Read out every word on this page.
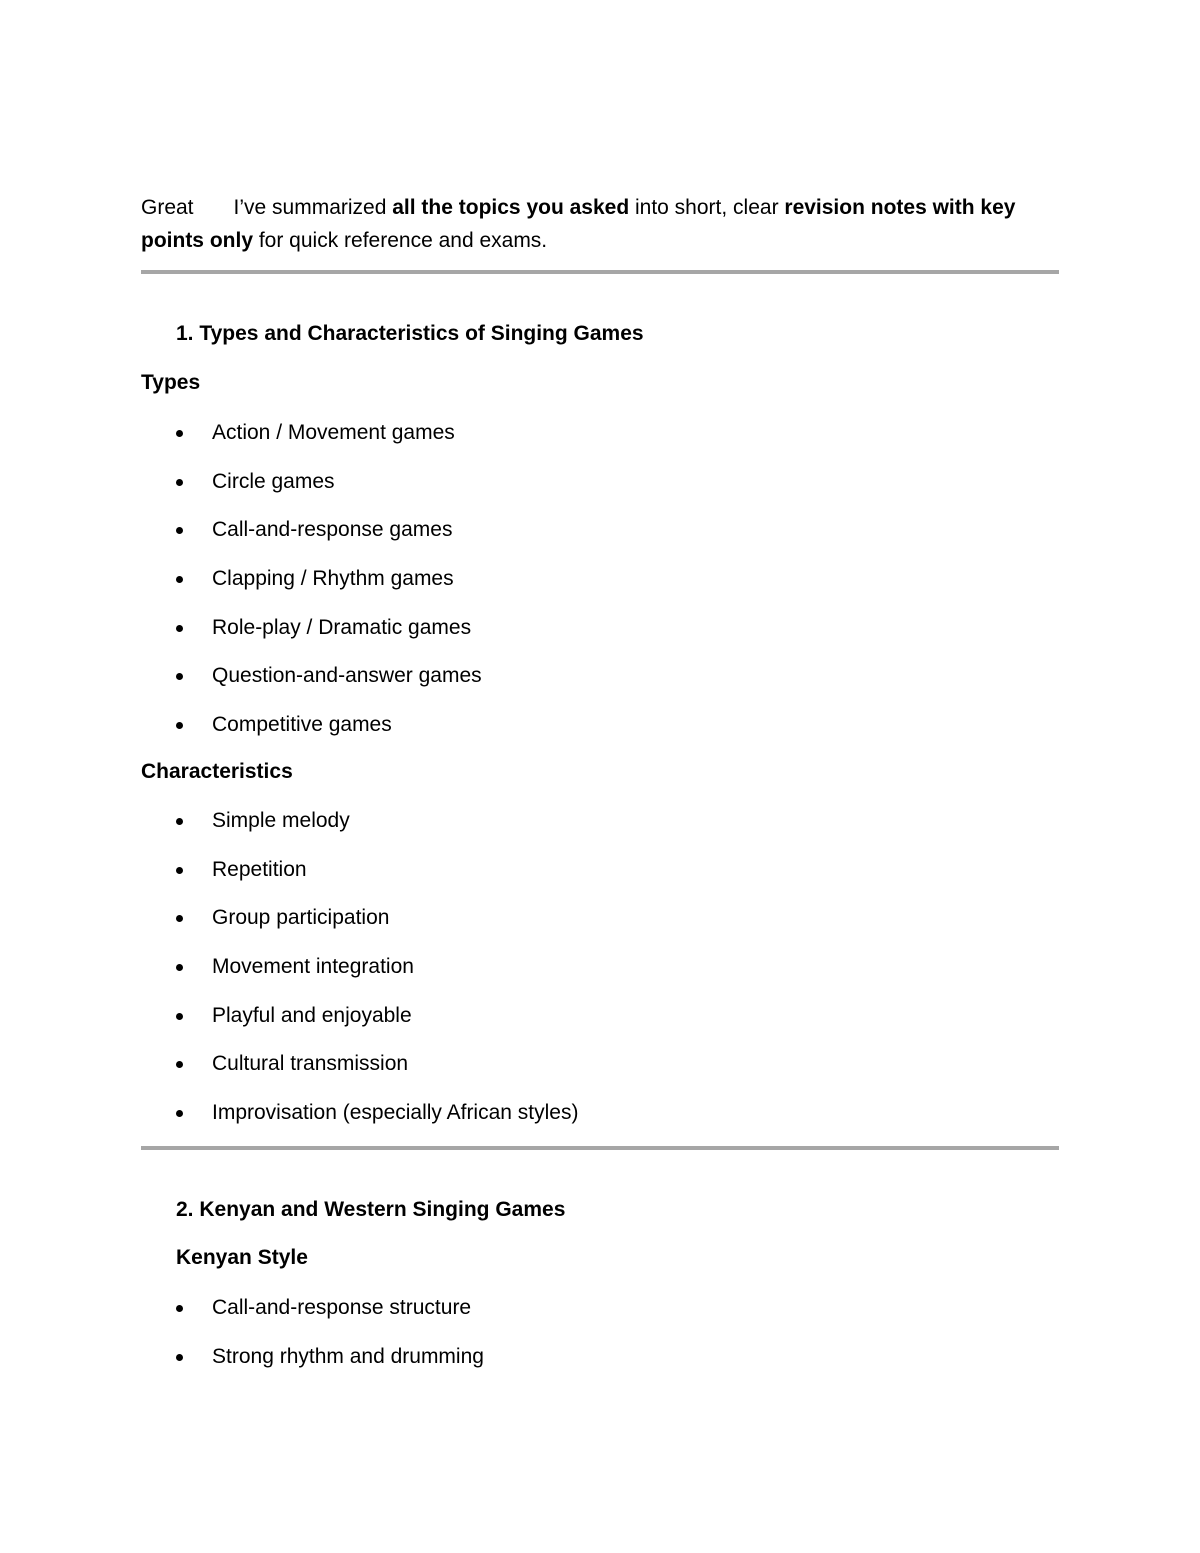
Great I’ve summarized all the topics you asked into short, clear revision notes with key points only for quick reference and exams.

1. Types and Characteristics of Singing Games
Types
Action / Movement games
Circle games
Call-and-response games
Clapping / Rhythm games
Role-play / Dramatic games
Question-and-answer games
Competitive games
Characteristics
Simple melody
Repetition
Group participation
Movement integration
Playful and enjoyable
Cultural transmission
Improvisation (especially African styles)
2. Kenyan and Western Singing Games
Kenyan Style
Call-and-response structure
Strong rhythm and drumming
